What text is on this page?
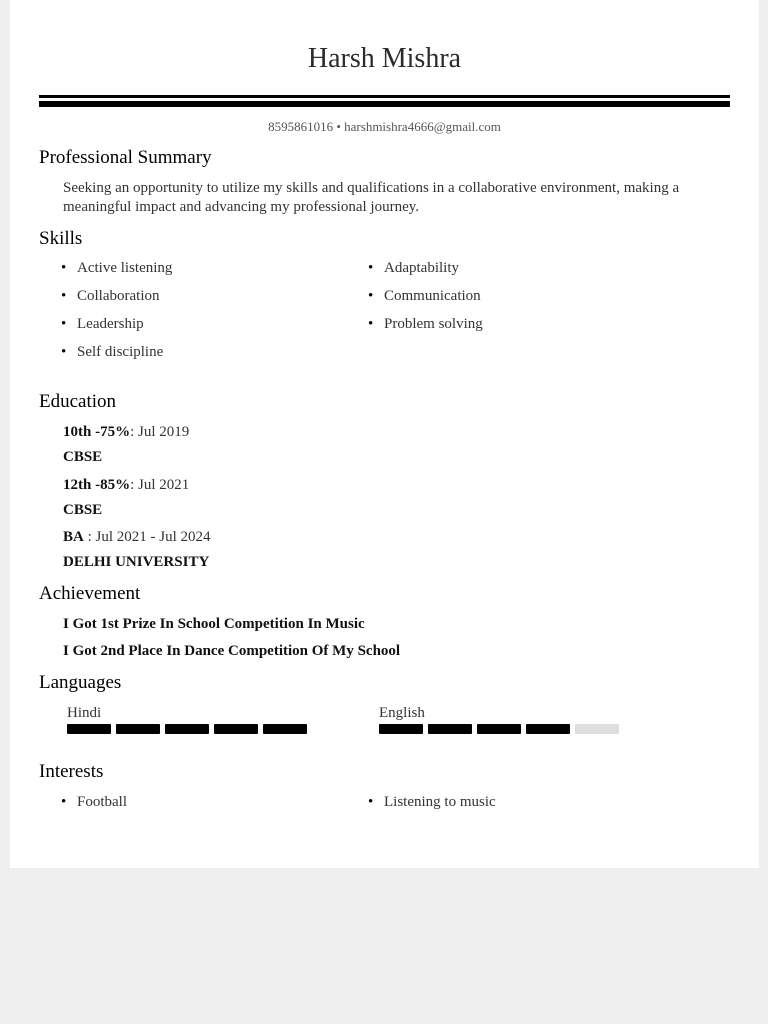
Harsh Mishra
8595861016 • harshmishra4666@gmail.com
Professional Summary
Seeking an opportunity to utilize my skills and qualifications in a collaborative environment, making a meaningful impact and advancing my professional journey.
Skills
• Active listening	• Adaptability
• Collaboration	• Communication
• Leadership	• Problem solving
• Self discipline
Education
10th -75%: Jul 2019
CBSE
12th -85%: Jul 2021
CBSE
BA : Jul 2021 - Jul 2024
DELHI UNIVERSITY
Achievement
I Got 1st Prize In School Competition In Music
I Got 2nd Place In Dance Competition Of My School
Languages
Hindi	English
Interests
• Football	• Listening to music
